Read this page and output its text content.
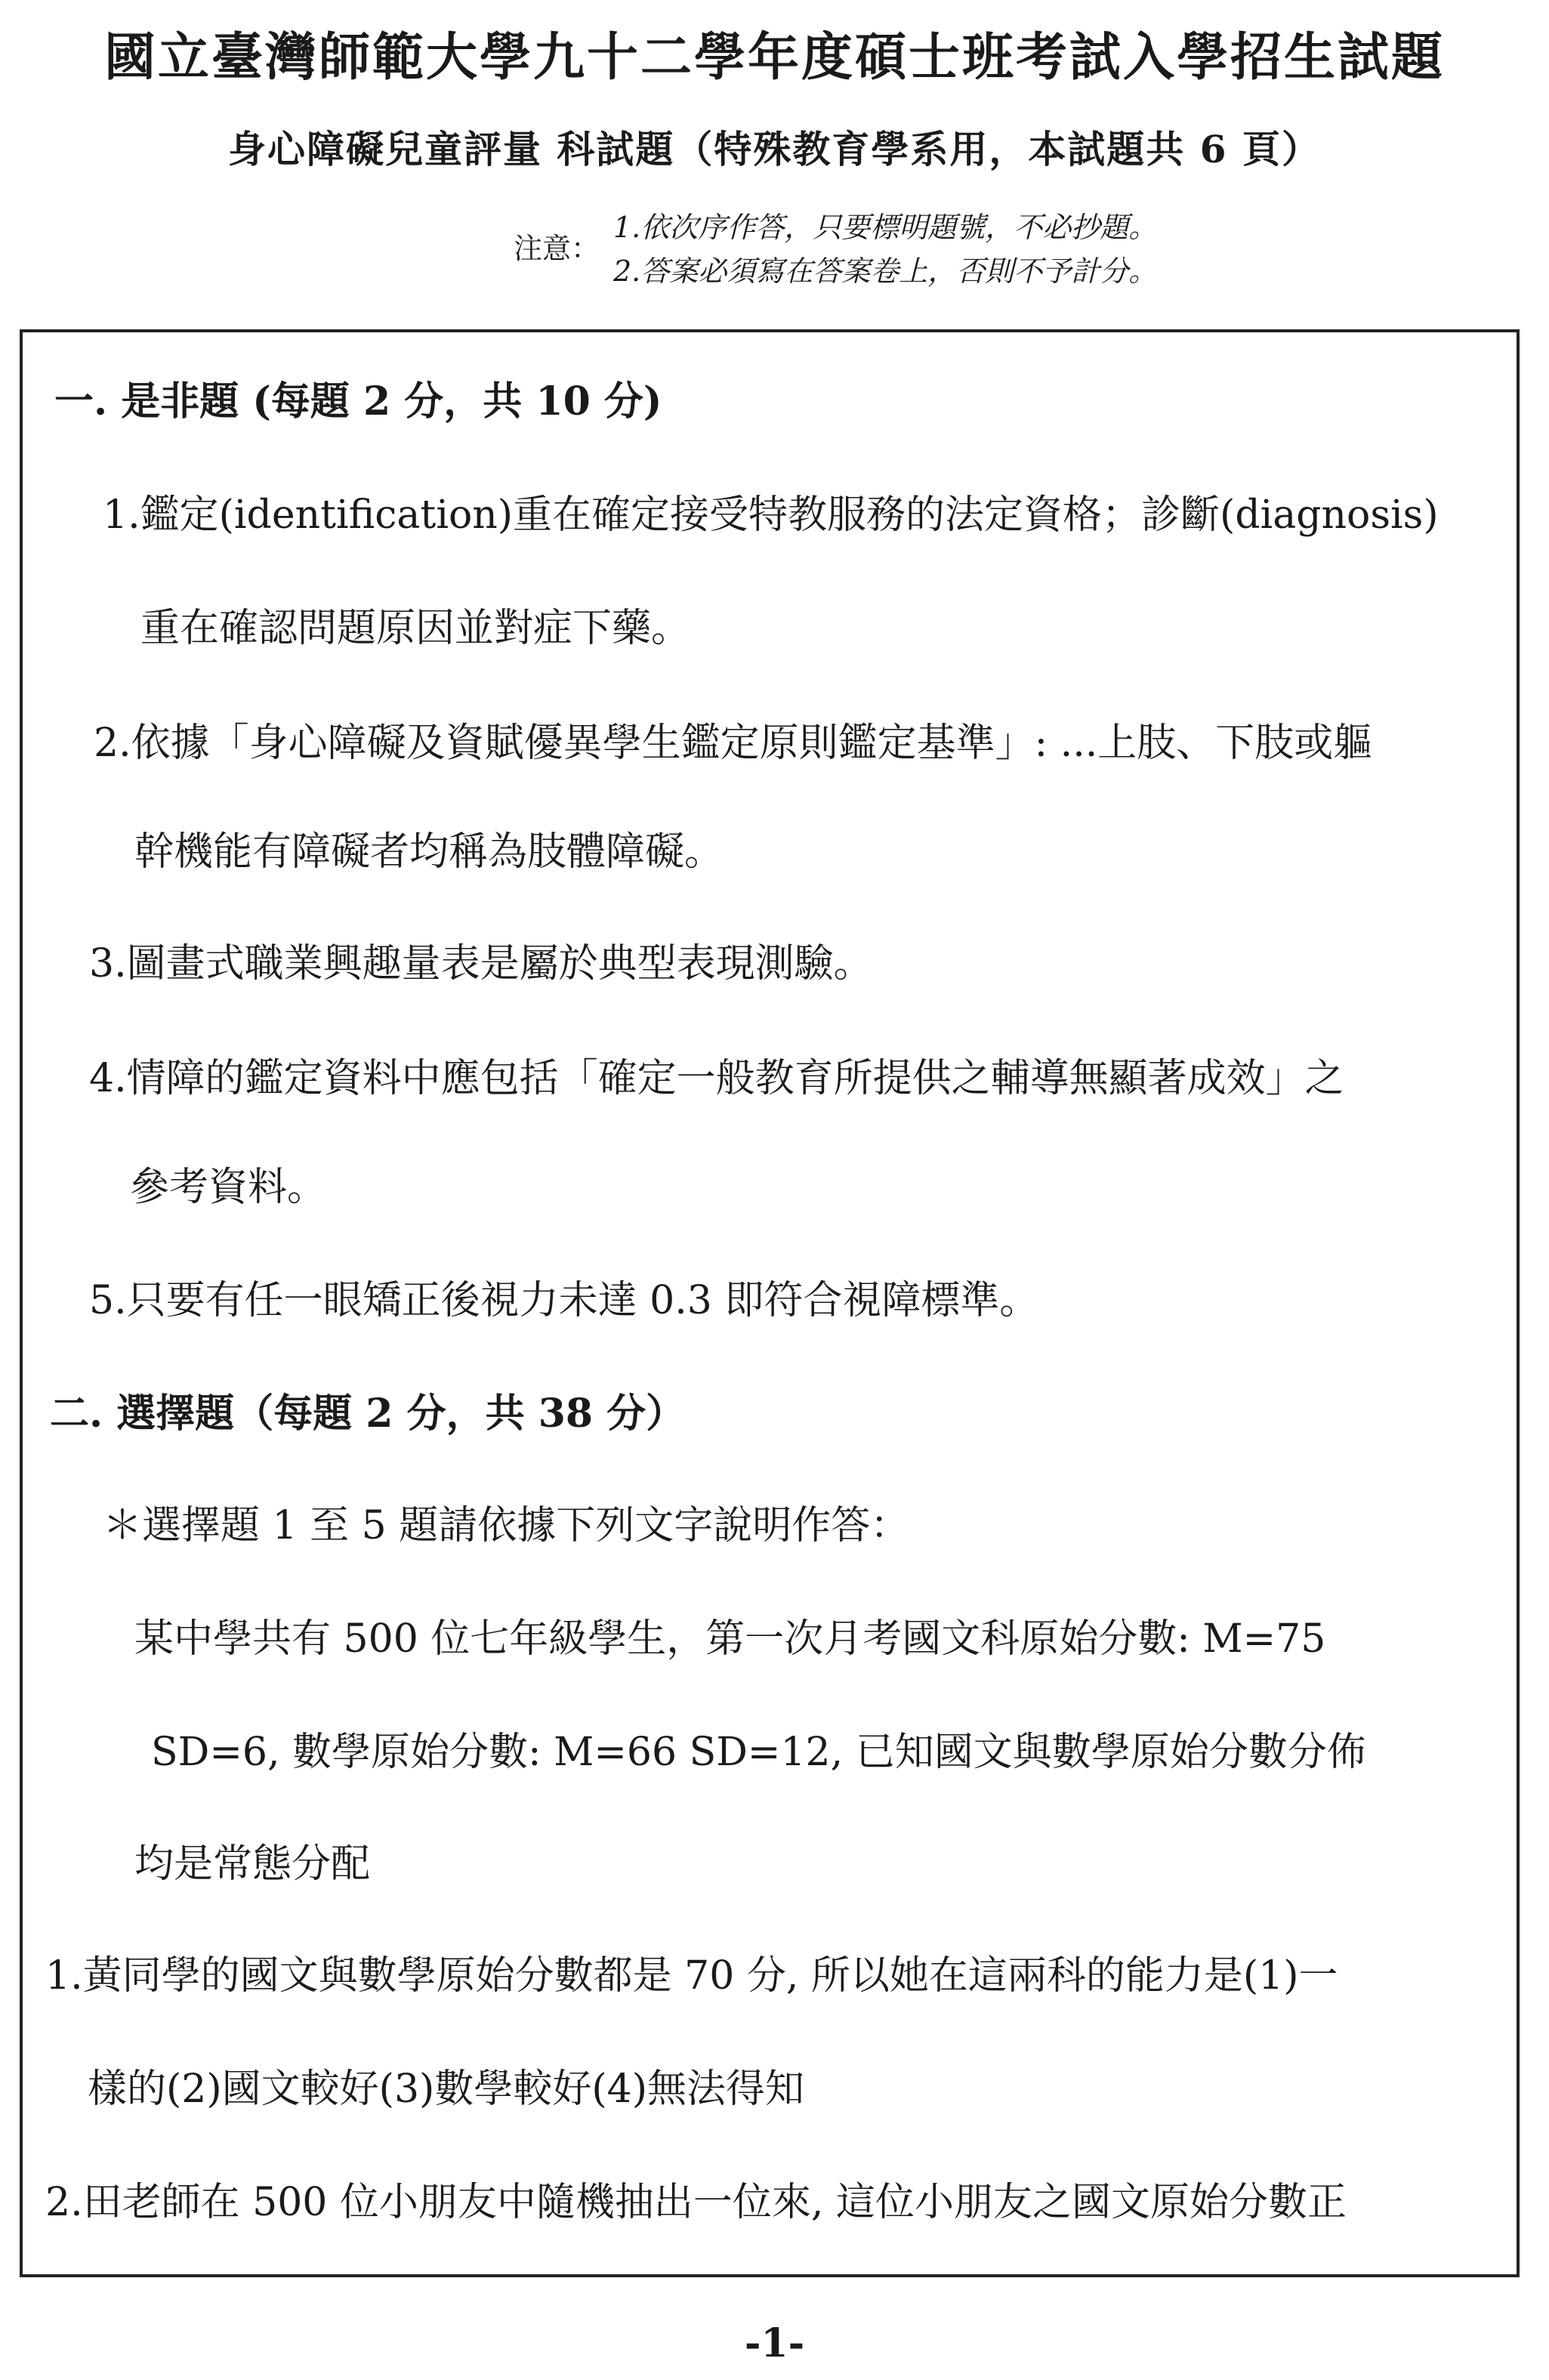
國立臺灣師範大學九十二學年度碩士班考試入學招生試題
身心障礙兒童評量 科試題（特殊教育學系用，本試題共 6 頁）
注意：
1.依次序作答，只要標明題號，不必抄題。
2.答案必須寫在答案卷上，否則不予計分。
一. 是非題 (每題 2 分，共 10 分)
1.鑑定(identification)重在確定接受特教服務的法定資格；診斷(diagnosis)
重在確認問題原因並對症下藥。
2.依據「身心障礙及資賦優異學生鑑定原則鑑定基準」: ...上肢、下肢或軀
幹機能有障礙者均稱為肢體障礙。
3.圖畫式職業興趣量表是屬於典型表現測驗。
4.情障的鑑定資料中應包括「確定一般教育所提供之輔導無顯著成效」之
參考資料。
5.只要有任一眼矯正後視力未達 0.3 即符合視障標準。
二. 選擇題（每題 2 分，共 38 分）
＊選擇題 1 至 5 題請依據下列文字說明作答：
某中學共有 500 位七年級學生，第一次月考國文科原始分數: M=75
SD=6, 數學原始分數: M=66 SD=12, 已知國文與數學原始分數分佈
均是常態分配
1.黃同學的國文與數學原始分數都是 70 分, 所以她在這兩科的能力是(1)一
樣的(2)國文較好(3)數學較好(4)無法得知
2.田老師在 500 位小朋友中隨機抽出一位來, 這位小朋友之國文原始分數正
-1-
